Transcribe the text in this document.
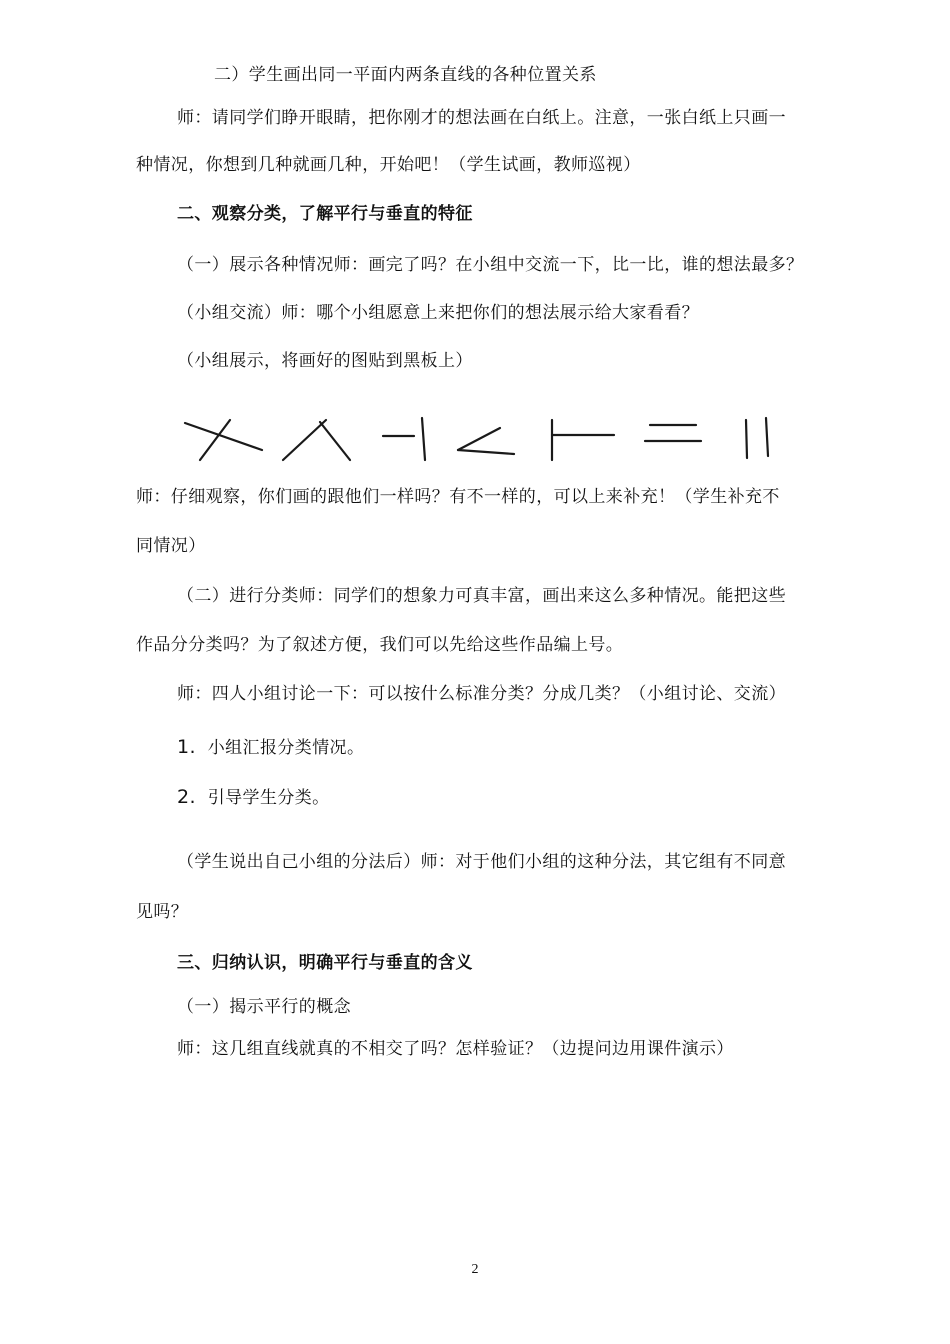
二）学生画出同一平面内两条直线的各种位置关系
师：请同学们睁开眼睛，把你刚才的想法画在白纸上。注意，一张白纸上只画一
种情况，你想到几种就画几种，开始吧！（学生试画，教师巡视）
二、观察分类，了解平行与垂直的特征
（一）展示各种情况师：画完了吗？在小组中交流一下，比一比，谁的想法最多？
（小组交流）师：哪个小组愿意上来把你们的想法展示给大家看看？
（小组展示，将画好的图贴到黑板上）
师：仔细观察，你们画的跟他们一样吗？有不一样的，可以上来补充！（学生补充不
同情况）
（二）进行分类师：同学们的想象力可真丰富，画出来这么多种情况。能把这些
作品分分类吗？为了叙述方便，我们可以先给这些作品编上号。
师：四人小组讨论一下：可以按什么标准分类？分成几类？（小组讨论、交流）
1. 小组汇报分类情况。
2. 引导学生分类。
（学生说出自己小组的分法后）师：对于他们小组的这种分法，其它组有不同意
见吗？
三、归纳认识，明确平行与垂直的含义
（一）揭示平行的概念
师：这几组直线就真的不相交了吗？怎样验证？（边提问边用课件演示）
2
